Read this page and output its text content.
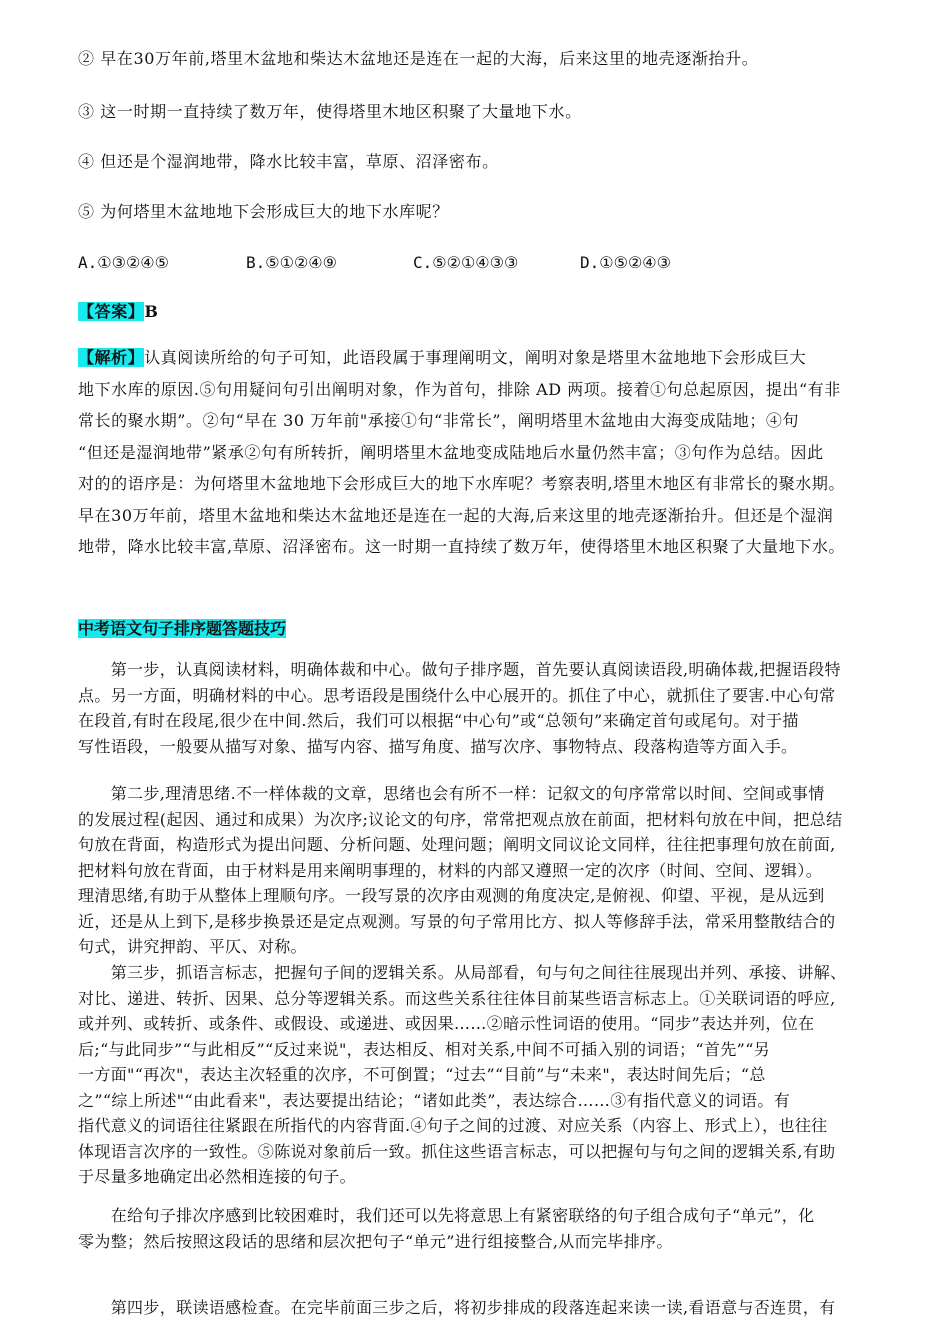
② 早在30万年前,塔里木盆地和柴达木盆地还是连在一起的大海，后来这里的地壳逐渐抬升。
③ 这一时期一直持续了数万年，使得塔里木地区积聚了大量地下水。
④ 但还是个湿润地带，降水比较丰富，草原、沼泽密布。
⑤ 为何塔里木盆地地下会形成巨大的地下水库呢？
A.①③②④⑤	B.⑤①②④⑨	C.⑤②①④③③	D.①⑤②④③
【答案】B
【解析】认真阅读所给的句子可知，此语段属于事理阐明文，阐明对象是塔里木盆地地下会形成巨大
地下水库的原因.⑤句用疑问句引出阐明对象，作为首句，排除 AD 两项。接着①句总起原因，提出“有非
常长的聚水期”。②句“早在 30 万年前"承接①句“非常长”，阐明塔里木盆地由大海变成陆地；④句
“但还是湿润地带”紧承②句有所转折，阐明塔里木盆地变成陆地后水量仍然丰富；③句作为总结。因此
对的的语序是：为何塔里木盆地地下会形成巨大的地下水库呢？考察表明,塔里木地区有非常长的聚水期。
早在30万年前，塔里木盆地和柴达木盆地还是连在一起的大海,后来这里的地壳逐渐抬升。但还是个湿润
地带，降水比较丰富,草原、沼泽密布。这一时期一直持续了数万年，使得塔里木地区积聚了大量地下水。
中考语文句子排序题答题技巧
　　第一步，认真阅读材料，明确体裁和中心。做句子排序题，首先要认真阅读语段,明确体裁,把握语段特
点。另一方面，明确材料的中心。思考语段是围绕什么中心展开的。抓住了中心，就抓住了要害.中心句常
在段首,有时在段尾,很少在中间.然后，我们可以根据“中心句”或“总领句”来确定首句或尾句。对于描
写性语段，一般要从描写对象、描写内容、描写角度、描写次序、事物特点、段落构造等方面入手。
　　第二步,理清思绪.不一样体裁的文章，思绪也会有所不一样：记叙文的句序常常以时间、空间或事情
的发展过程(起因、通过和成果）为次序;议论文的句序，常常把观点放在前面，把材料句放在中间，把总结
句放在背面，构造形式为提出问题、分析问题、处理问题；阐明文同议论文同样，往往把事理句放在前面,
把材料句放在背面，由于材料是用来阐明事理的，材料的内部又遵照一定的次序（时间、空间、逻辑）。
理清思绪,有助于从整体上理顺句序。一段写景的次序由观测的角度决定,是俯视、仰望、平视，是从远到
近，还是从上到下,是移步换景还是定点观测。写景的句子常用比方、拟人等修辞手法，常采用整散结合的
句式，讲究押韵、平仄、对称。
　　第三步，抓语言标志，把握句子间的逻辑关系。从局部看，句与句之间往往展现出并列、承接、讲解、
对比、递进、转折、因果、总分等逻辑关系。而这些关系往往体目前某些语言标志上。①关联词语的呼应,
或并列、或转折、或条件、或假设、或递进、或因果……②暗示性词语的使用。“同步”表达并列，位在
后;“与此同步”“与此相反”“反过来说"，表达相反、相对关系,中间不可插入别的词语；“首先”“另
一方面"“再次"，表达主次轻重的次序，不可倒置；“过去”“目前”与“未来"，表达时间先后；“总
之”“综上所述"“由此看来"，表达要提出结论；“诸如此类”，表达综合……③有指代意义的词语。有
指代意义的词语往往紧跟在所指代的内容背面.④句子之间的过渡、对应关系（内容上、形式上），也往往
体现语言次序的一致性。⑤陈说对象前后一致。抓住这些语言标志，可以把握句与句之间的逻辑关系,有助
于尽量多地确定出必然相连接的句子。
　　在给句子排次序感到比较困难时，我们还可以先将意思上有紧密联络的句子组合成句子“单元”，化
零为整；然后按照这段话的思绪和层次把句子“单元”进行组接整合,从而完毕排序。
　　第四步，联读语感检查。在完毕前面三步之后，将初步排成的段落连起来读一读,看语意与否连贯，有
